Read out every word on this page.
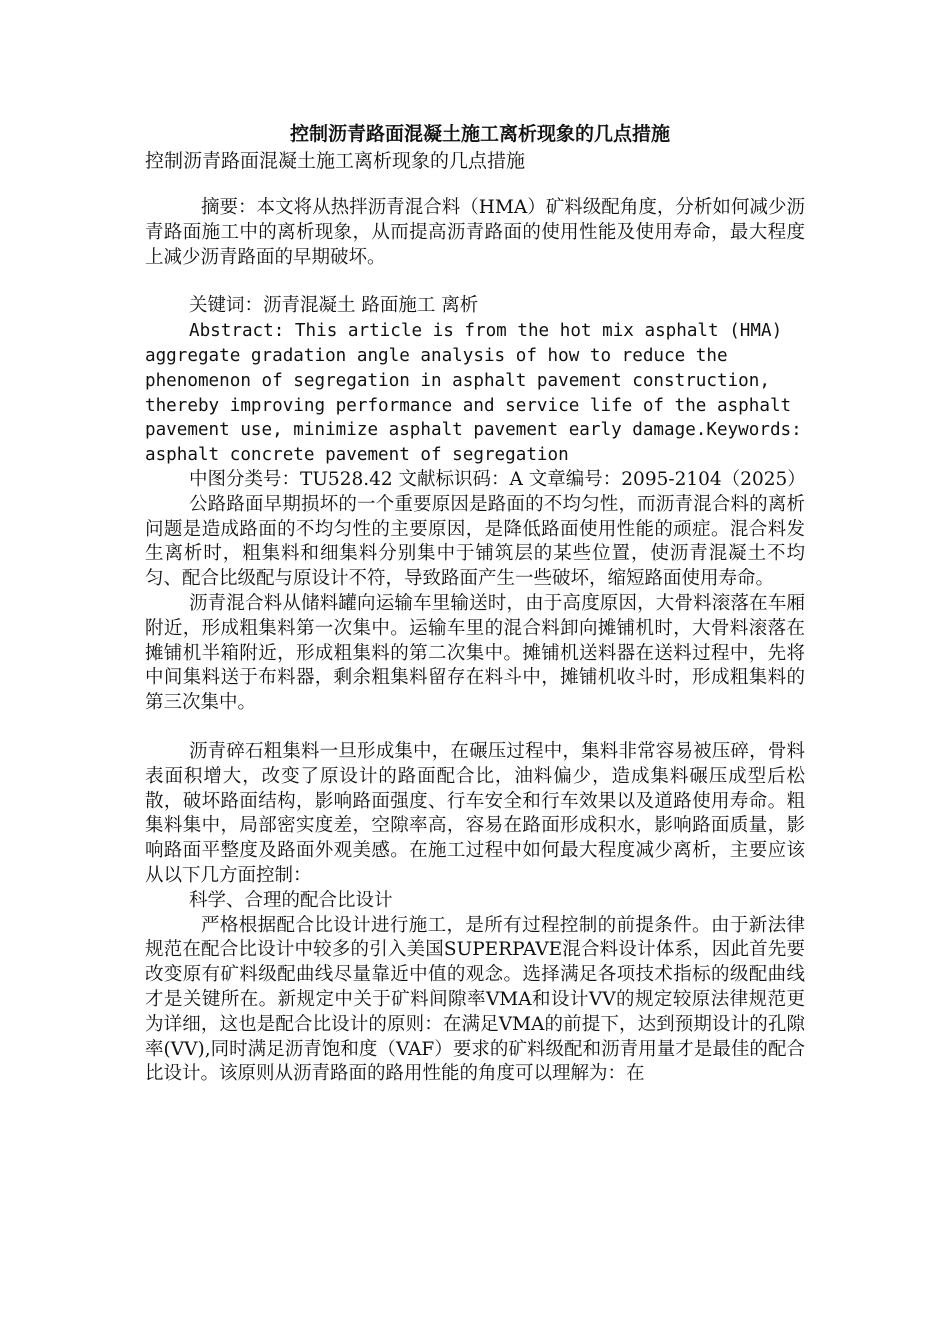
控制沥青路面混凝土施工离析现象的几点措施
控制沥青路面混凝土施工离析现象的几点措施

摘要：本文将从热拌沥青混合料（HMA）矿料级配角度，分析如何减少沥青路面施工中的离析现象，从而提高沥青路面的使用性能及使用寿命，最大程度上减少沥青路面的早期破坏。

关键词：沥青混凝土 路面施工 离析

Abstract: This article is from the hot mix asphalt (HMA) aggregate gradation angle analysis of how to reduce the phenomenon of segregation in asphalt pavement construction, thereby improving performance and service life of the asphalt pavement use, minimize asphalt pavement early damage.Keywords: asphalt concrete pavement of segregation

中图分类号：TU528.42 文献标识码：A 文章编号：2095-2104（2025）

公路路面早期损坏的一个重要原因是路面的不均匀性，而沥青混合料的离析问题是造成路面的不均匀性的主要原因，是降低路面使用性能的顽症。混合料发生离析时，粗集料和细集料分别集中于铺筑层的某些位置，使沥青混凝土不均匀、配合比级配与原设计不符，导致路面产生一些破坏，缩短路面使用寿命。

沥青混合料从储料罐向运输车里输送时，由于高度原因，大骨料滚落在车厢附近，形成粗集料第一次集中。运输车里的混合料卸向摊铺机时，大骨料滚落在摊铺机半箱附近，形成粗集料的第二次集中。摊铺机送料器在送料过程中，先将中间集料送于布料器，剩余粗集料留存在料斗中，摊铺机收斗时，形成粗集料的第三次集中。

沥青碎石粗集料一旦形成集中，在碾压过程中，集料非常容易被压碎，骨料表面积增大，改变了原设计的路面配合比，油料偏少，造成集料碾压成型后松散，破坏路面结构，影响路面强度、行车安全和行车效果以及道路使用寿命。粗集料集中，局部密实度差，空隙率高，容易在路面形成积水，影响路面质量，影响路面平整度及路面外观美感。在施工过程中如何最大程度减少离析，主要应该从以下几方面控制：

科学、合理的配合比设计

严格根据配合比设计进行施工，是所有过程控制的前提条件。由于新法律规范在配合比设计中较多的引入美国SUPERPAVE混合料设计体系，因此首先要改变原有矿料级配曲线尽量靠近中值的观念。选择满足各项技术指标的级配曲线才是关键所在。新规定中关于矿料间隙率VMA和设计VV的规定较原法律规范更为详细，这也是配合比设计的原则：在满足VMA的前提下，达到预期设计的孔隙率(VV),同时满足沥青饱和度（VAF）要求的矿料级配和沥青用量才是最佳的配合比设计。该原则从沥青路面的路用性能的角度可以理解为：在
